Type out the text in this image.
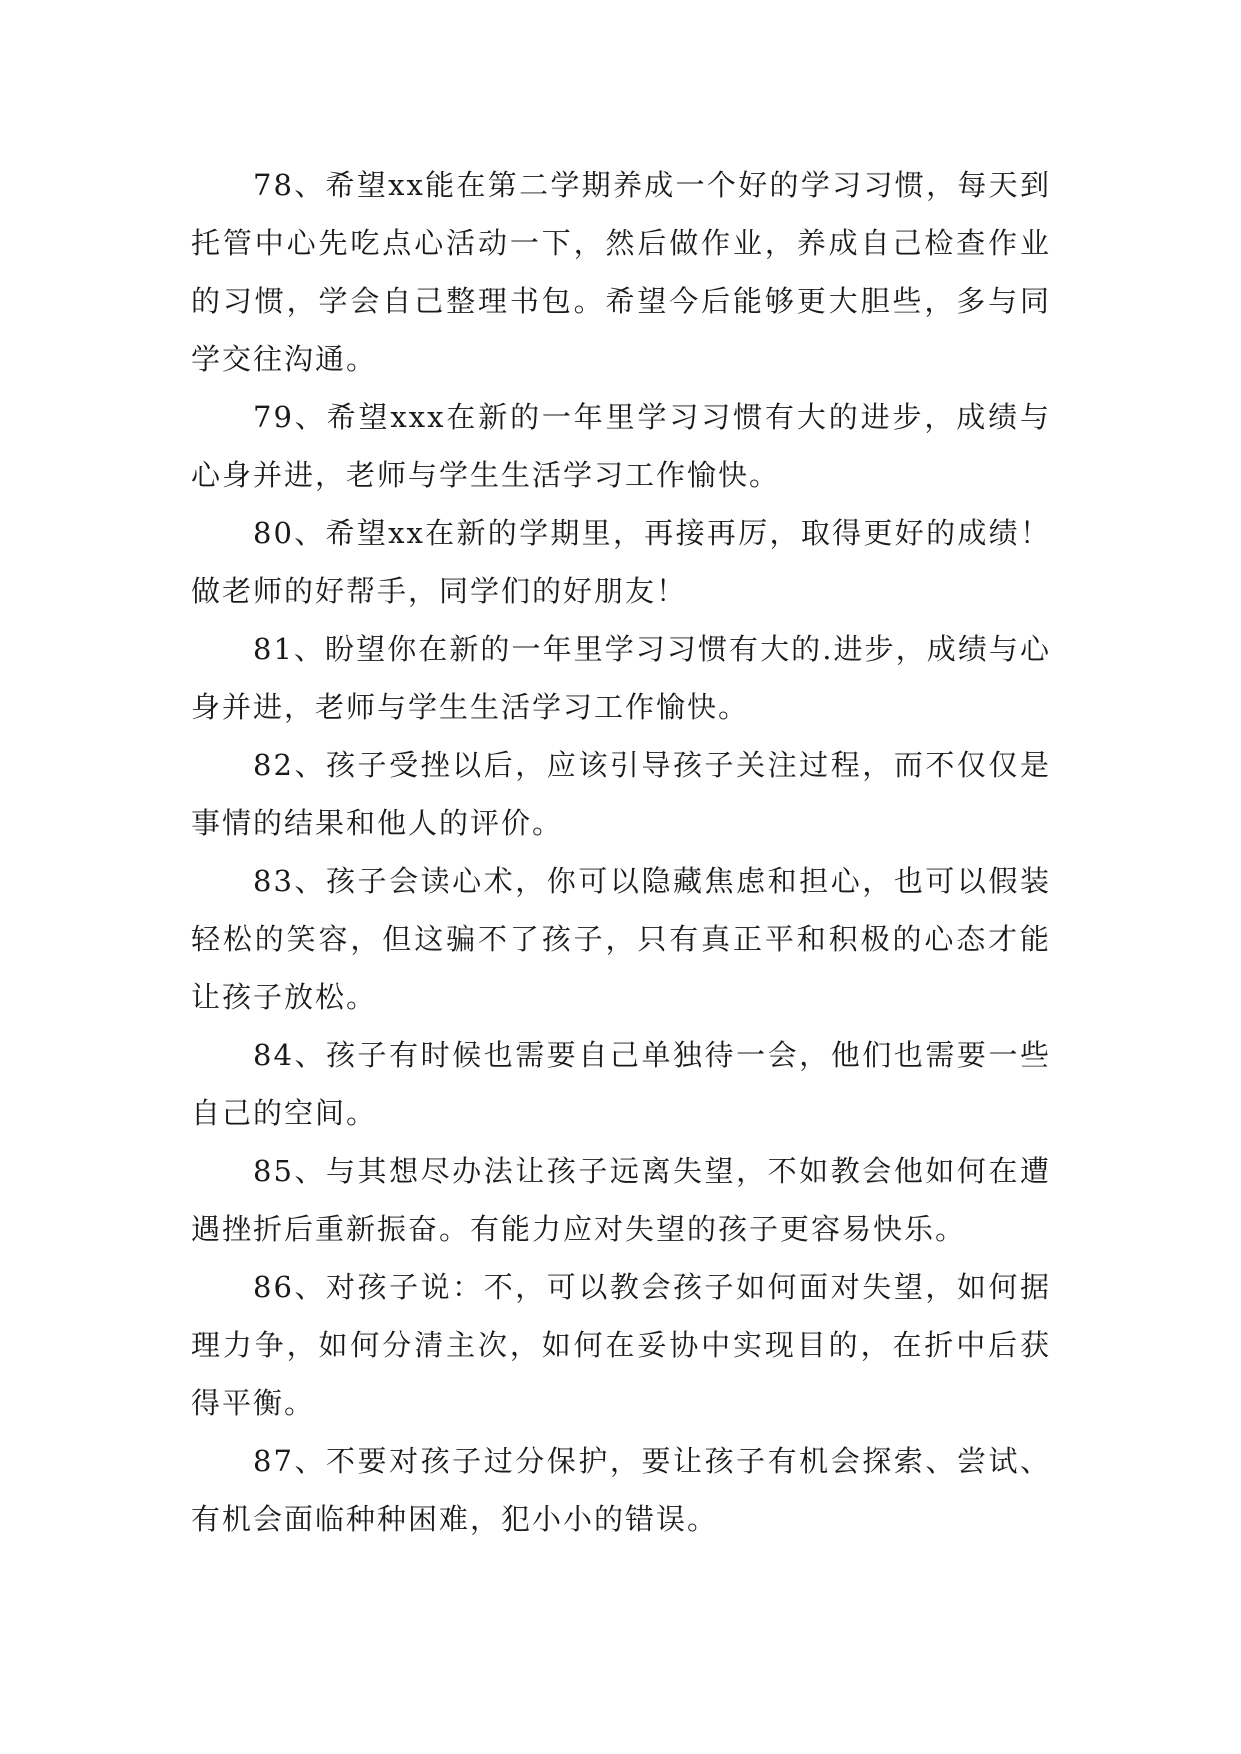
78、希望xx能在第二学期养成一个好的学习习惯，每天到托管中心先吃点心活动一下，然后做作业，养成自己检查作业的习惯，学会自己整理书包。希望今后能够更大胆些，多与同学交往沟通。

79、希望xxx在新的一年里学习习惯有大的进步，成绩与心身并进，老师与学生生活学习工作愉快。

80、希望xx在新的学期里，再接再厉，取得更好的成绩！做老师的好帮手，同学们的好朋友！

81、盼望你在新的一年里学习习惯有大的.进步，成绩与心身并进，老师与学生生活学习工作愉快。

82、孩子受挫以后，应该引导孩子关注过程，而不仅仅是事情的结果和他人的评价。

83、孩子会读心术，你可以隐藏焦虑和担心，也可以假装轻松的笑容，但这骗不了孩子，只有真正平和积极的心态才能让孩子放松。

84、孩子有时候也需要自己单独待一会，他们也需要一些自己的空间。

85、与其想尽办法让孩子远离失望，不如教会他如何在遭遇挫折后重新振奋。有能力应对失望的孩子更容易快乐。

86、对孩子说：不，可以教会孩子如何面对失望，如何据理力争，如何分清主次，如何在妥协中实现目的，在折中后获得平衡。

87、不要对孩子过分保护，要让孩子有机会探索、尝试、有机会面临种种困难，犯小小的错误。
